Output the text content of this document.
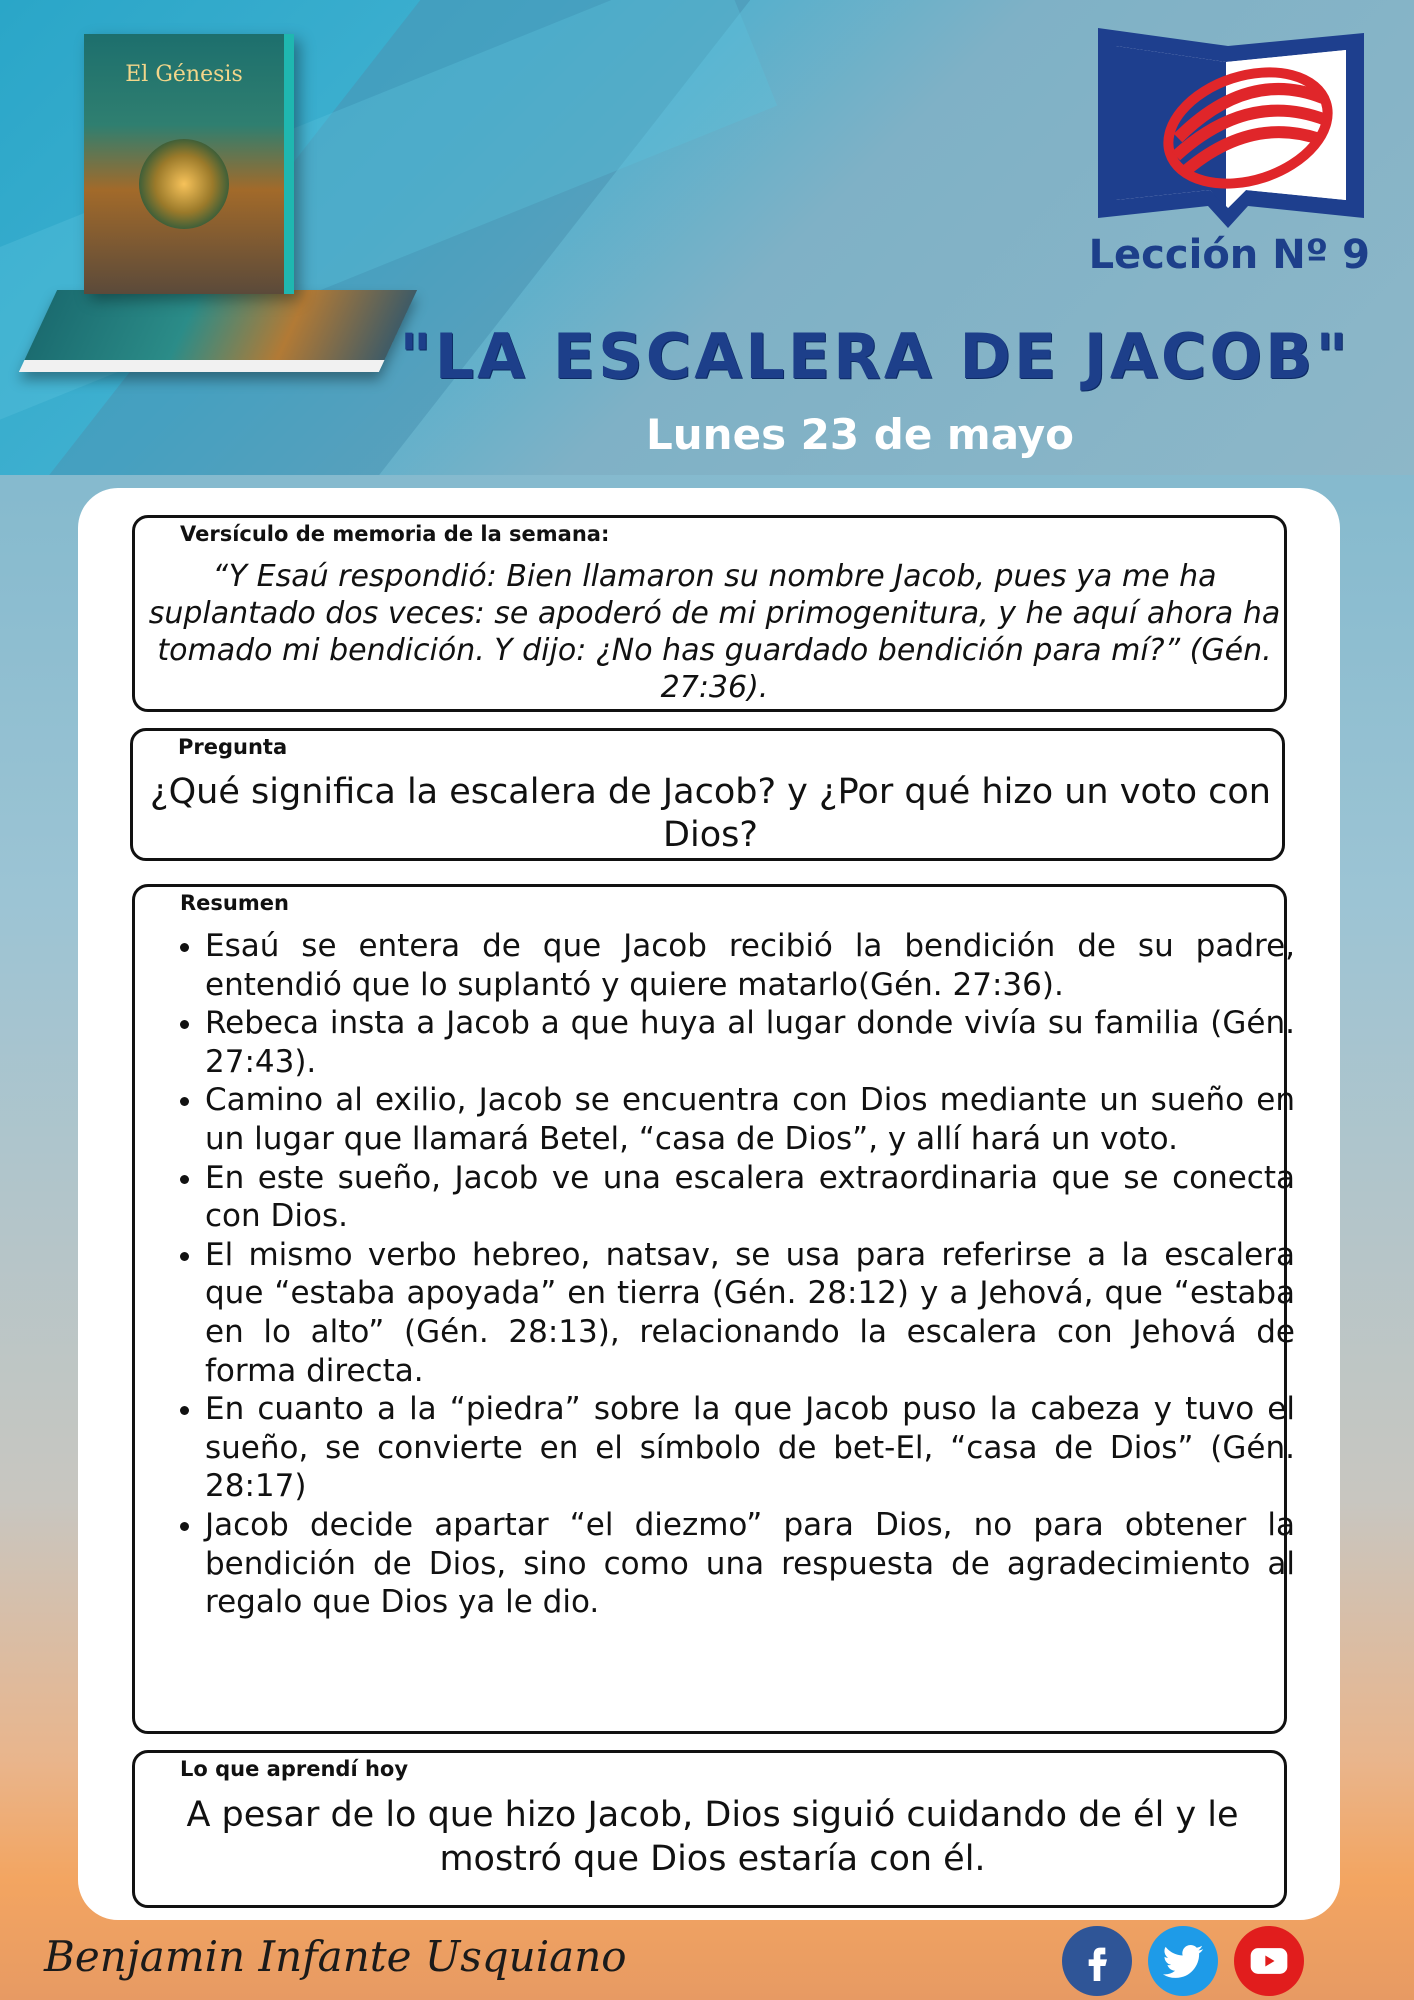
El Génesis
Lección Nº 9
"LA ESCALERA DE JACOB"
Lunes 23 de mayo
Versículo de memoria de la semana:
“Y Esaú respondió: Bien llamaron su nombre Jacob, pues ya me ha suplantado dos veces: se apoderó de mi primogenitura, y he aquí ahora ha tomado mi bendición. Y dijo: ¿No has guardado bendición para mí?” (Gén. 27:36).
Pregunta
¿Qué significa la escalera de Jacob? y ¿Por qué hizo un voto con Dios?
Resumen
• Esaú se entera de que Jacob recibió la bendición de su padre, entendió que lo suplantó y quiere matarlo(Gén. 27:36).
• Rebeca insta a Jacob a que huya al lugar donde vivía su familia (Gén. 27:43).
• Camino al exilio, Jacob se encuentra con Dios mediante un sueño en un lugar que llamará Betel, “casa de Dios”, y allí hará un voto.
• En este sueño, Jacob ve una escalera extraordinaria que se conecta con Dios.
• El mismo verbo hebreo, natsav, se usa para referirse a la escalera que “estaba apoyada” en tierra (Gén. 28:12) y a Jehová, que “estaba en lo alto” (Gén. 28:13), relacionando la escalera con Jehová de forma directa.
• En cuanto a la “piedra” sobre la que Jacob puso la cabeza y tuvo el sueño, se convierte en el símbolo de bet-El, “casa de Dios” (Gén. 28:17)
• Jacob decide apartar “el diezmo” para Dios, no para obtener la bendición de Dios, sino como una respuesta de agradecimiento al regalo que Dios ya le dio.
Lo que aprendí hoy
A pesar de lo que hizo Jacob, Dios siguió cuidando de él y le mostró que Dios estaría con él.
Benjamin Infante Usquiano
